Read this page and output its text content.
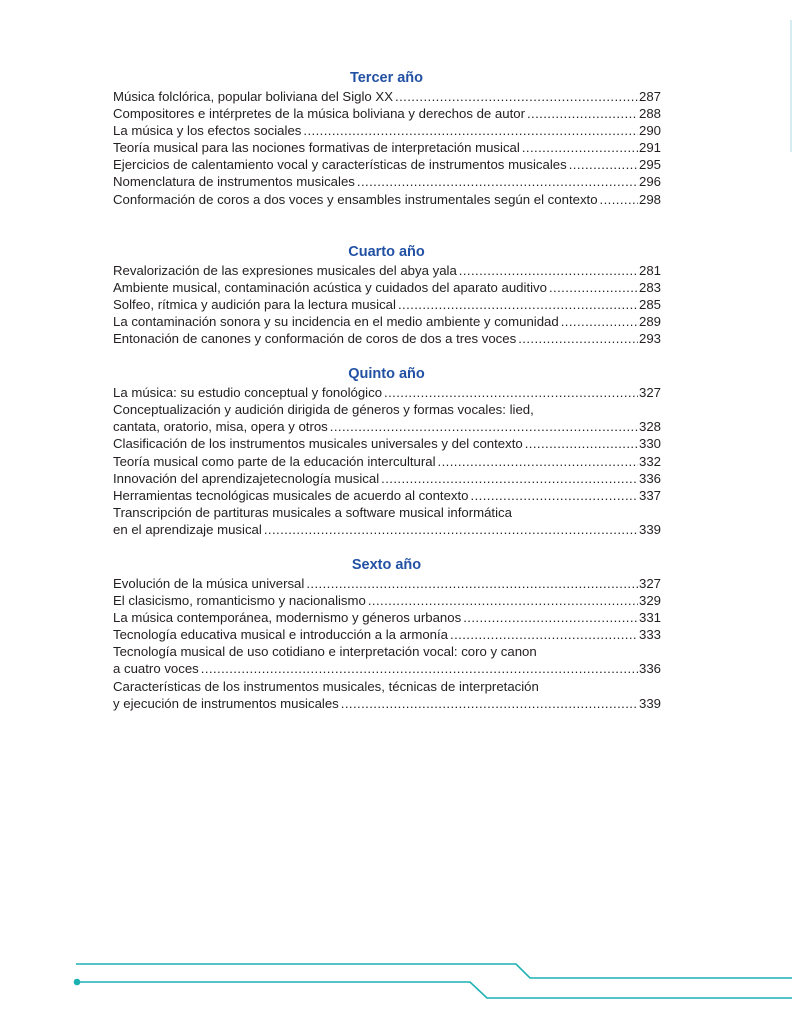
Tercer año
Música folclórica, popular boliviana del Siglo XX .....	287
Compositores e intérpretes de la música boliviana y derechos de autor .....	288
La música y los efectos sociales .....	290
Teoría musical para las nociones formativas de interpretación musical .....	291
Ejercicios de calentamiento vocal y características de instrumentos musicales .....	295
Nomenclatura de instrumentos musicales .....	296
Conformación de coros a dos voces y ensambles instrumentales según el contexto .....	298
Cuarto año
Revalorización de las expresiones musicales del abya yala .....	281
Ambiente musical, contaminación acústica y cuidados del aparato auditivo .....	283
Solfeo, rítmica y audición para la lectura musical .....	285
La contaminación sonora y su incidencia en el medio ambiente y comunidad .....	289
Entonación de canones y conformación de coros de dos a tres voces .....	293
Quinto año
La música: su estudio conceptual y fonológico .....	327
Conceptualización y audición dirigida de géneros y formas vocales: lied,
cantata, oratorio, misa, opera y otros .....	328
Clasificación de los instrumentos musicales universales y del contexto .....	330
Teoría musical como parte de la educación intercultural .....	332
Innovación del aprendizajetecnología musical .....	336
Herramientas tecnológicas musicales de acuerdo al contexto .....	337
Transcripción de partituras musicales a software musical informática
en el aprendizaje musical .....	339
Sexto año
Evolución de la música universal .....	327
El clasicismo, romanticismo y nacionalismo .....	329
La música contemporánea, modernismo y géneros urbanos .....	331
Tecnología educativa musical e introducción a la armonía .....	333
Tecnología musical de uso cotidiano e interpretación vocal: coro y canon
a cuatro voces .....	336
Características de los instrumentos musicales, técnicas de interpretación
y ejecución de instrumentos musicales .....	339
